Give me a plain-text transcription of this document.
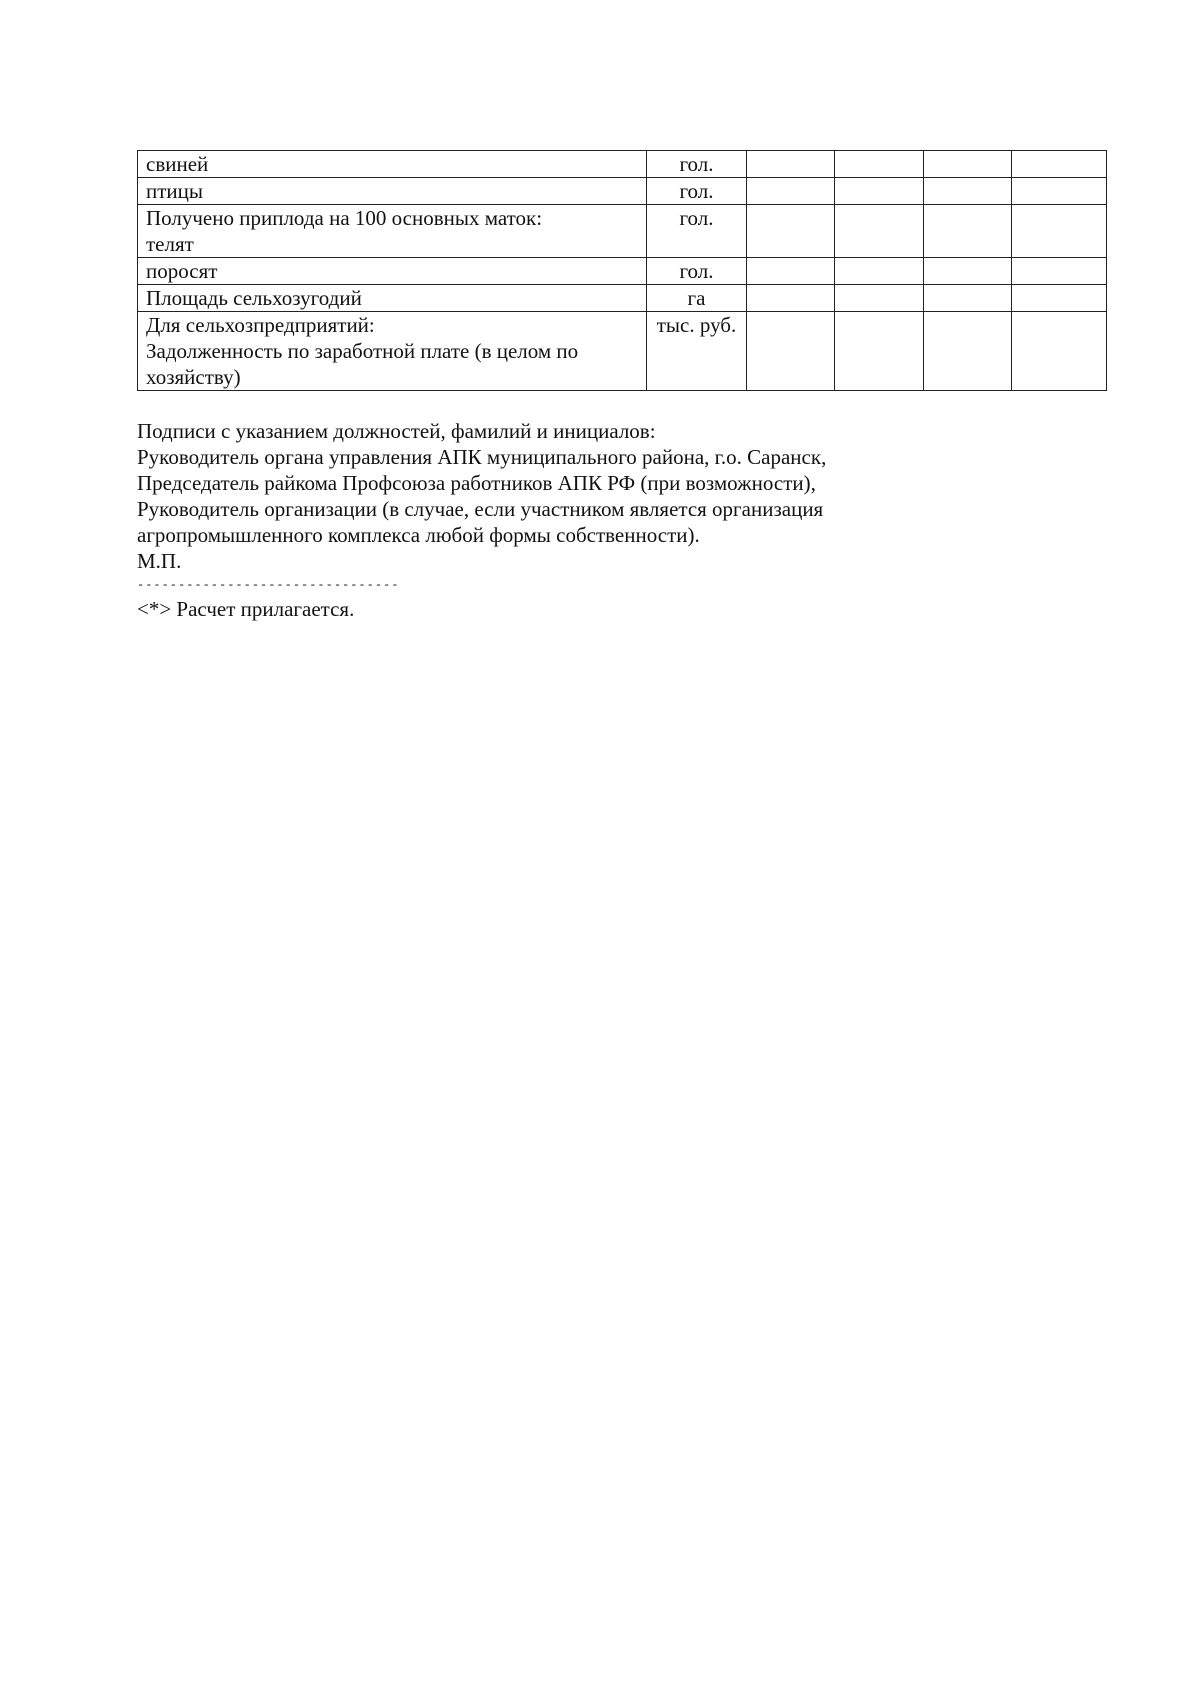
свиней	гол.				

птицы	гол.				

Получено приплода на 100 основных маток:
телят	гол.				

поросят	гол.				

Площадь сельхозугодий	га				

Для сельхозпредприятий:
Задолженность по заработной плате (в целом по
хозяйству)	тыс. руб.				
Подписи с указанием должностей, фамилий и инициалов:
Руководитель органа управления АПК муниципального района, г.о. Саранск,
Председатель райкома Профсоюза работников АПК РФ (при возможности),
Руководитель организации (в случае, если участником является организация
агропромышленного комплекса любой формы собственности).
М.П.
--------------------------------
<*> Расчет прилагается.
